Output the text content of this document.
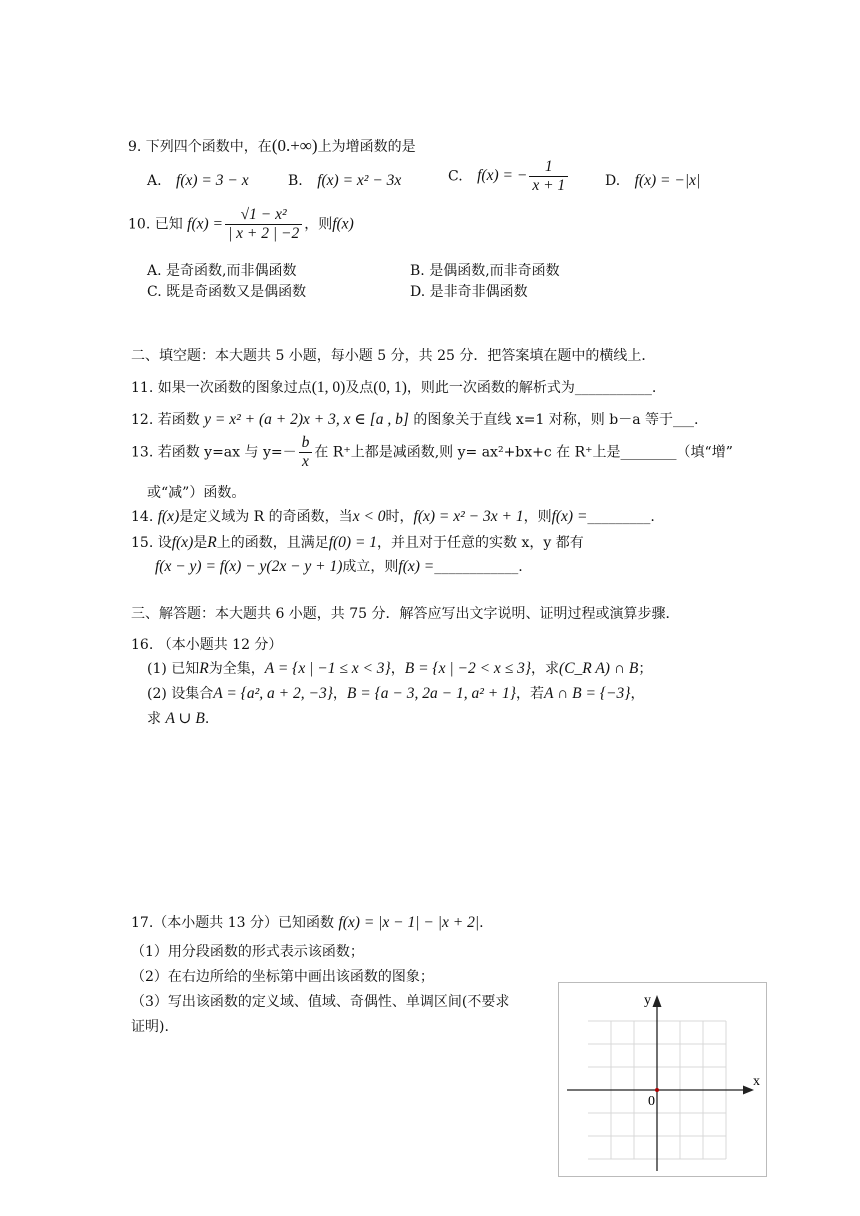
9. 下列四个函数中，在(0.+∞)上为增函数的是
A. f(x) = 3 − x	B. f(x) = x² − 3x	C. f(x) = − $\frac{1}{x + 1}$	D. f(x) = −|x|
10. 已知 $f(x) = \frac{\text{√1 − x²}}{| x + 2 | -2}$ ，则f(x)
A. 是奇函数,而非偶函数	B. 是偶函数,而非奇函数
C. 既是奇函数又是偶函数	D. 是非奇非偶函数
二、填空题：本大题共 5 小题，每小题 5 分，共 25 分．把答案填在题中的横线上．
11. 如果一次函数的图象过点(1, 0)及点(0, 1)，则此一次函数的解析式为___________.
12. 若函数 y = x² + (a + 2)x + 3, x ∈ [a , b] 的图象关于直线 x=1 对称，则 b－a 等于___.
13. 若函数 y=ax 与 $y=- \frac{b}{x}$ 在 R⁺上都是减函数,则 y= ax²+bx+c 在 R⁺上是________（填“增”
或“减”）函数。
14. f(x)是定义域为 R 的奇函数，当x < 0时，f(x) = x² − 3x + 1，则f(x) =_________.
15. 设f(x)是R上的函数，且满足f(0) = 1，并且对于任意的实数 x，y 都有
f(x − y) = f(x) − y(2x − y + 1)成立，则f(x) =____________.
三、解答题：本大题共 6 小题，共 75 分．解答应写出文字说明、证明过程或演算步骤．
16. （本小题共 12 分）
(1) 已知R为全集，A = {x | −1 ≤ x < 3}，B = {x | −2 < x ≤ 3}，求(C_R A) ∩ B；
(2) 设集合A = {a², a + 2, −3}，B = {a − 3, 2a − 1, a² + 1}，若A ∩ B = {−3}，
求 A ∪ B.
17.（本小题共 13 分）已知函数 f(x) = |x − 1| − |x + 2|.
（1）用分段函数的形式表示该函数；
（2）在右边所给的坐标第中画出该函数的图象；
（3）写出该函数的定义域、值域、奇偶性、单调区间(不要求
证明).
x
y
0
